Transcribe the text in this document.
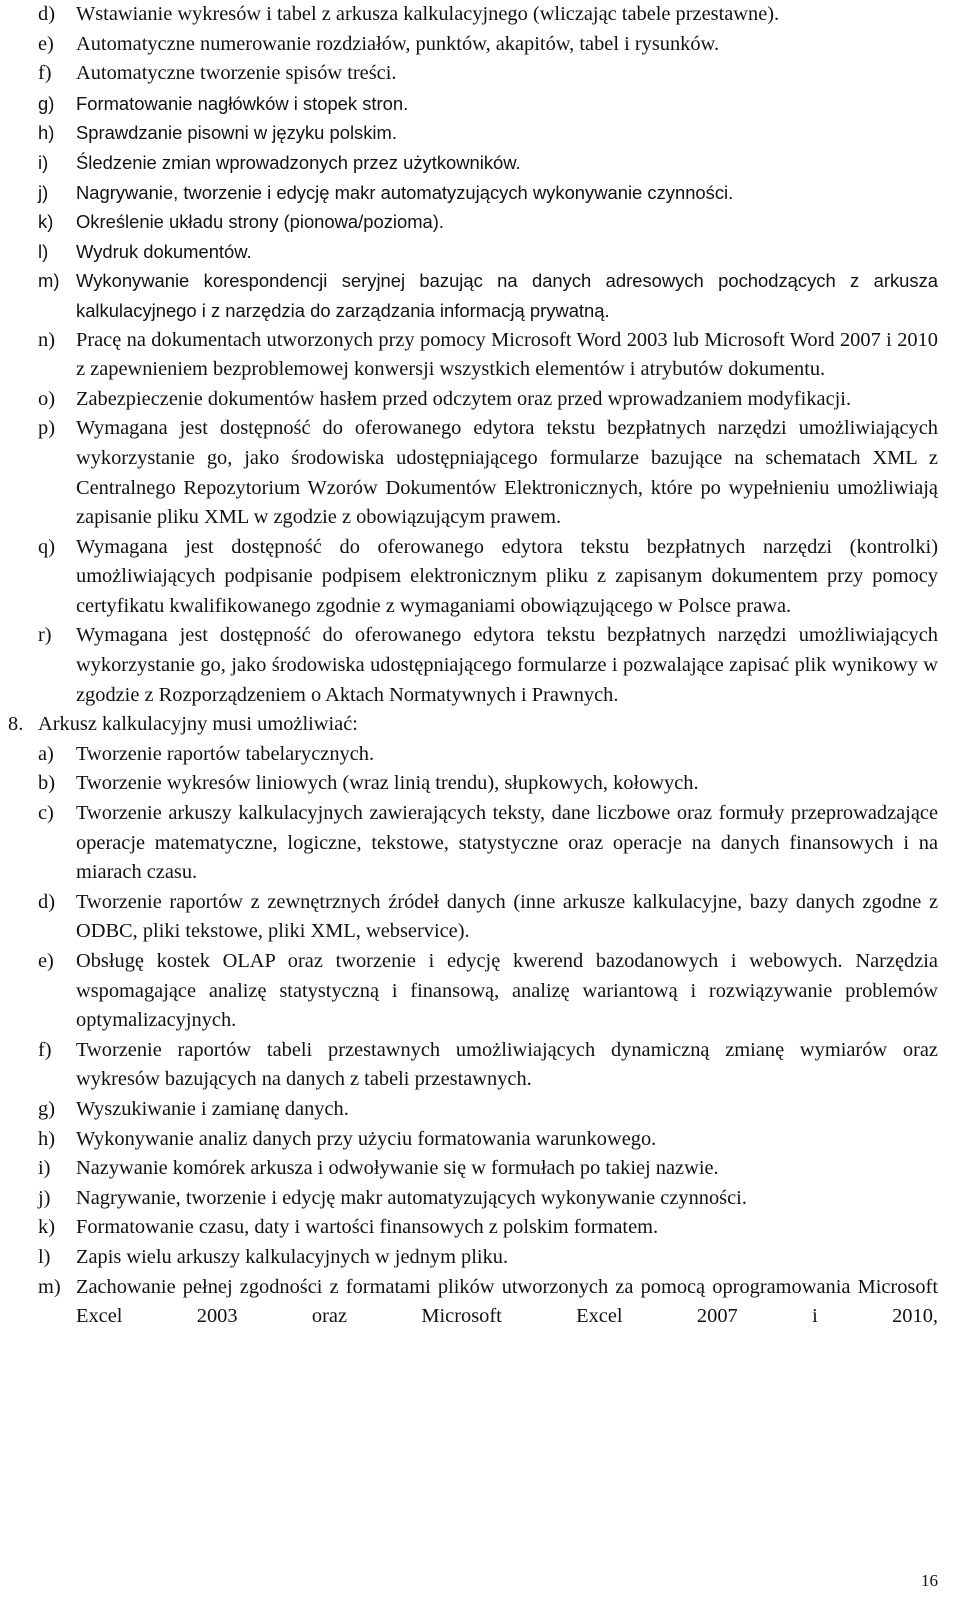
d)	Wstawianie wykresów i tabel z arkusza kalkulacyjnego (wliczając tabele przestawne).
e)	Automatyczne numerowanie rozdziałów, punktów, akapitów, tabel i rysunków.
f)	Automatyczne tworzenie spisów treści.
g)	Formatowanie nagłówków i stopek stron.
h)	Sprawdzanie pisowni w języku polskim.
i)	Śledzenie zmian wprowadzonych przez użytkowników.
j)	Nagrywanie, tworzenie i edycję makr automatyzujących wykonywanie czynności.
k)	Określenie układu strony (pionowa/pozioma).
l)	Wydruk dokumentów.
m) Wykonywanie korespondencji seryjnej bazując na danych adresowych pochodzących z arkusza kalkulacyjnego i z narzędzia do zarządzania informacją prywatną.
n)	Pracę na dokumentach utworzonych przy pomocy Microsoft Word 2003 lub Microsoft Word 2007 i 2010 z zapewnieniem bezproblemowej konwersji wszystkich elementów i atrybutów dokumentu.
o)	Zabezpieczenie dokumentów hasłem przed odczytem oraz przed wprowadzaniem modyfikacji.
p)	Wymagana jest dostępność do oferowanego edytora tekstu bezpłatnych narzędzi umożliwiających wykorzystanie go, jako środowiska udostępniającego formularze bazujące na schematach XML z Centralnego Repozytorium Wzorów Dokumentów Elektronicznych, które po wypełnieniu umożliwiają zapisanie pliku XML w zgodzie z obowiązującym prawem.
q)	Wymagana jest dostępność do oferowanego edytora tekstu bezpłatnych narzędzi (kontrolki) umożliwiających podpisanie podpisem elektronicznym pliku z zapisanym dokumentem przy pomocy certyfikatu kwalifikowanego zgodnie z wymaganiami obowiązującego w Polsce prawa.
r)	Wymagana jest dostępność do oferowanego edytora tekstu bezpłatnych narzędzi umożliwiających wykorzystanie go, jako środowiska udostępniającego formularze i pozwalające zapisać plik wynikowy w zgodzie z Rozporządzeniem o Aktach Normatywnych i Prawnych.
8. Arkusz kalkulacyjny musi umożliwiać:
a)	Tworzenie raportów tabelarycznych.
b)	Tworzenie wykresów liniowych (wraz linią trendu), słupkowych, kołowych.
c)	Tworzenie arkuszy kalkulacyjnych zawierających teksty, dane liczbowe oraz formuły przeprowadzające operacje matematyczne, logiczne, tekstowe, statystyczne oraz operacje na danych finansowych i na miarach czasu.
d)	Tworzenie raportów z zewnętrznych źródeł danych (inne arkusze kalkulacyjne, bazy danych zgodne z ODBC, pliki tekstowe, pliki XML, webservice).
e)	Obsługę kostek OLAP oraz tworzenie i edycję kwerend bazodanowych i webowych. Narzędzia wspomagające analizę statystyczną i finansową, analizę wariantową i rozwiązywanie problemów optymalizacyjnych.
f)	Tworzenie raportów tabeli przestawnych umożliwiających dynamiczną zmianę wymiarów oraz wykresów bazujących na danych z tabeli przestawnych.
g)	Wyszukiwanie i zamianę danych.
h)	Wykonywanie analiz danych przy użyciu formatowania warunkowego.
i)	Nazywanie komórek arkusza i odwoływanie się w formułach po takiej nazwie.
j)	Nagrywanie, tworzenie i edycję makr automatyzujących wykonywanie czynności.
k)	Formatowanie czasu, daty i wartości finansowych z polskim formatem.
l)	Zapis wielu arkuszy kalkulacyjnych w jednym pliku.
m) Zachowanie pełnej zgodności z formatami plików utworzonych za pomocą oprogramowania Microsoft Excel 2003 oraz Microsoft Excel 2007 i 2010,
16
